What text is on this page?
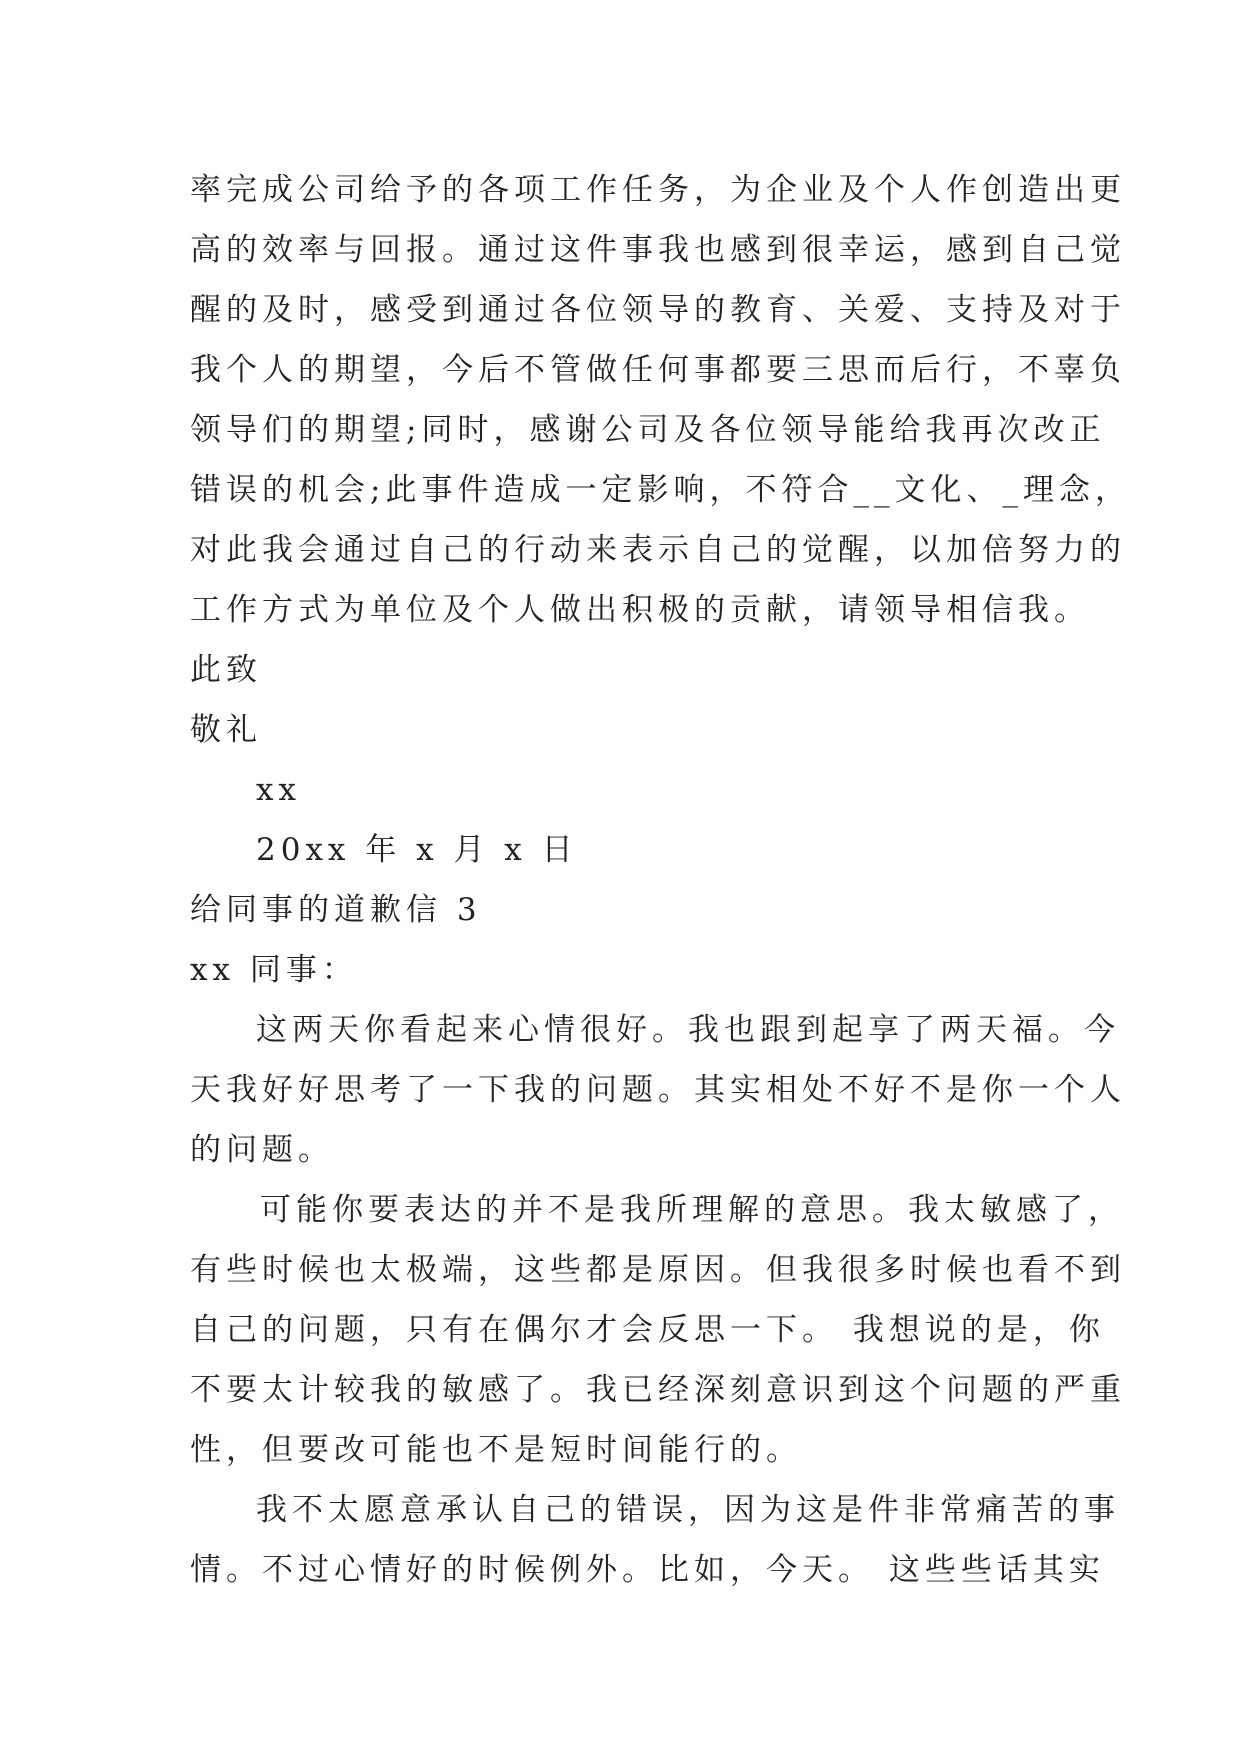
率完成公司给予的各项工作任务，为企业及个人作创造出更
高的效率与回报。通过这件事我也感到很幸运，感到自己觉
醒的及时，感受到通过各位领导的教育、关爱、支持及对于
我个人的期望，今后不管做任何事都要三思而后行，不辜负
领导们的期望;同时，感谢公司及各位领导能给我再次改正
错误的机会;此事件造成一定影响，不符合__文化、_理念，
对此我会通过自己的行动来表示自己的觉醒，以加倍努力的
工作方式为单位及个人做出积极的贡献，请领导相信我。
此致
敬礼
xx
20xx 年 x 月 x 日
给同事的道歉信 3
xx 同事：
这两天你看起来心情很好。我也跟到起享了两天福。今
天我好好思考了一下我的问题。其实相处不好不是你一个人
的问题。
可能你要表达的并不是我所理解的意思。我太敏感了，
有些时候也太极端，这些都是原因。但我很多时候也看不到
自己的问题，只有在偶尔才会反思一下。 我想说的是，你
不要太计较我的敏感了。我已经深刻意识到这个问题的严重
性，但要改可能也不是短时间能行的。
我不太愿意承认自己的错误，因为这是件非常痛苦的事
情。不过心情好的时候例外。比如，今天。 这些些话其实
